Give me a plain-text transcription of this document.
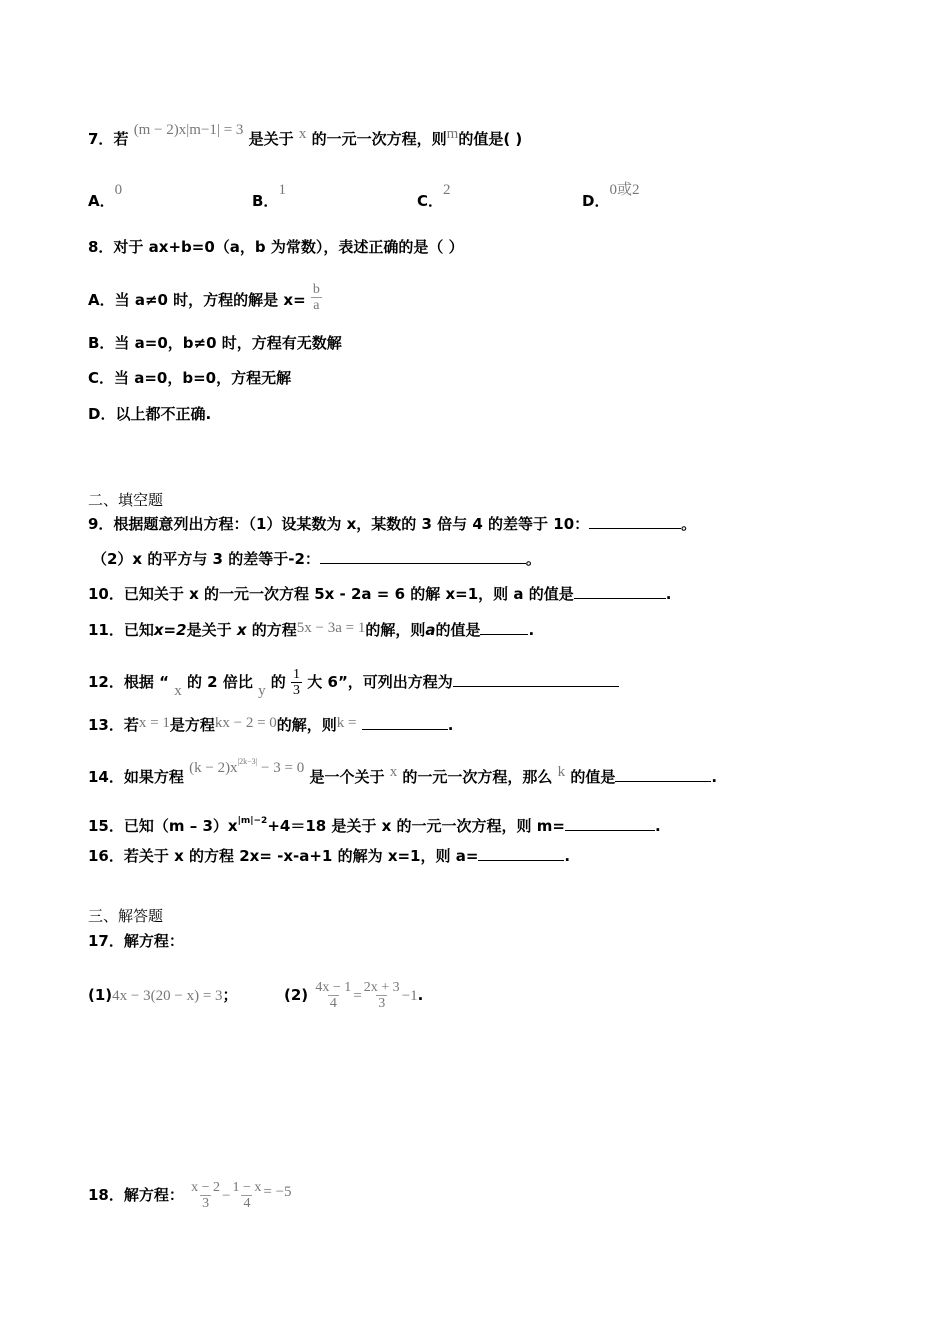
7．若 (m − 2)x|m−1| = 3 是关于 x 的一元一次方程，则m的值是( )
A．0
B．1
C．2
D．0或2
8．对于 ax+b=0（a，b 为常数），表述正确的是（ ）
A．当 a≠0 时，方程的解是 $x= \frac{b}{a}$
B．当 a=0，b≠0 时，方程有无数解
C．当 a=0，b=0，方程无解
D．以上都不正确.
二、填空题
9．根据题意列出方程：（1）设某数为 x，某数的 3 倍与 4 的差等于 10：	。
（2）x 的平方与 3 的差等于-2：	。
10．已知关于 x 的一元一次方程 5x - 2a = 6 的解 x=1，则 a 的值是	.
11．已知x=2是关于 x 的方程5x − 3a = 1的解，则a的值是	.
12．根据 “ x 的 2 倍比 y 的 $\frac{1}{3}$ 大 6”，可列出方程为
13．若x = 1是方程kx − 2 = 0的解，则k =	.
14．如果方程 $(k - 2)x^{|2k-3|} - 3 = 0$ 是一个关于 x 的一元一次方程，那么 k 的值是	.
15．已知$(m - 3)x^{|m|-2}+4=18$ 是关于 x 的一元一次方程，则 m=	.
16．若关于 x 的方程 2x= -x-a+1 的解为 x=1，则 a=	.
三、解答题
17．解方程：
(1)4x − 3(20 − x) = 3；	$(2) \frac{4x - 1}{4} = \frac{2x + 3}{3} -1$.
18．解方程： $\frac{x - 2}{3} - \frac{1 - x}{4} = -5$
